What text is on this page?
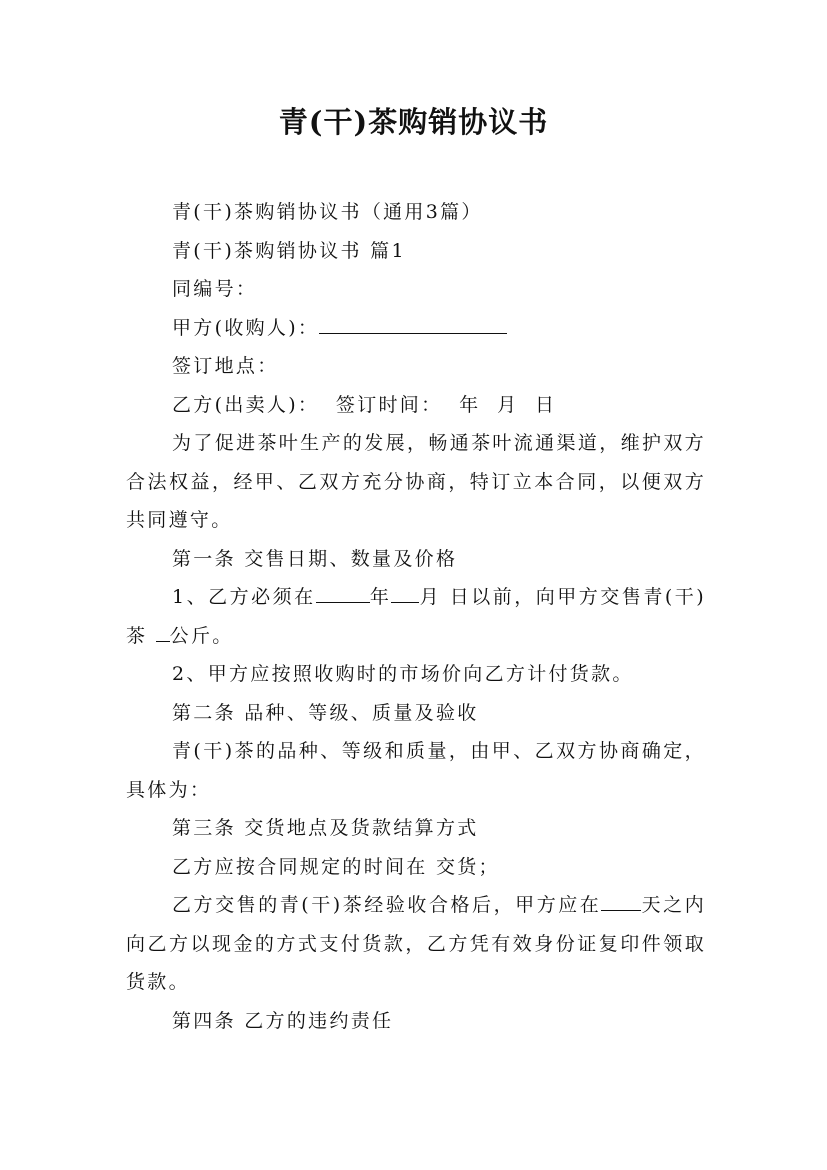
青(干)茶购销协议书

青(干)茶购销协议书（通用3篇）

青(干)茶购销协议书 篇1

同编号：

甲方(收购人)：

签订地点：

乙方(出卖人)：  签订时间：  年  月  日

为了促进茶叶生产的发展，畅通茶叶流通渠道，维护双方合法权益，经甲、乙双方充分协商，特订立本合同，以便双方共同遵守。

第一条 交售日期、数量及价格

1、乙方必须在	年 月 日以前，向甲方交售青(干)茶 公斤。

2、甲方应按照收购时的市场价向乙方计付货款。

第二条 品种、等级、质量及验收

青(干)茶的品种、等级和质量，由甲、乙双方协商确定，具体为：

第三条 交货地点及货款结算方式

乙方应按合同规定的时间在 交货；

乙方交售的青(干)茶经验收合格后，甲方应在 天之内向乙方以现金的方式支付货款，乙方凭有效身份证复印件领取货款。

第四条 乙方的违约责任
